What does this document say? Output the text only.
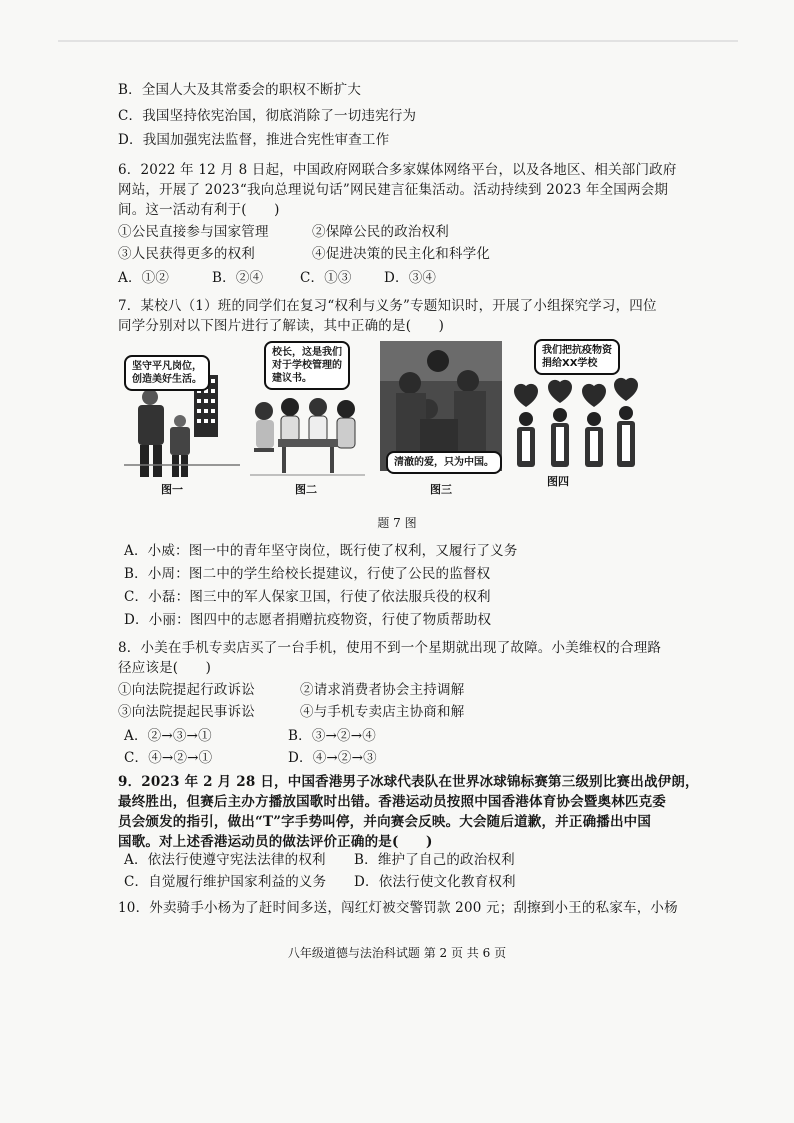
B．全国人大及其常委会的职权不断扩大
C．我国坚持依宪治国，彻底消除了一切违宪行为
D．我国加强宪法监督，推进合宪性审查工作
6．2022 年 12 月 8 日起，中国政府网联合多家媒体网络平台，以及各地区、相关部门政府
网站，开展了 2023“我向总理说句话”网民建言征集活动。活动持续到 2023 年全国两会期
间。这一活动有利于(　　)
①公民直接参与国家管理	②保障公民的政治权利
③人民获得更多的权利	④促进决策的民主化和科学化
A．①②	B．②④	C．①③ D．③④
7．某校八（1）班的同学们在复习“权利与义务”专题知识时，开展了小组探究学习，四位
同学分别对以下图片进行了解读，其中正确的是(　　)
坚守平凡岗位，
创造美好生活。
图一
校长，这是我们
对于学校管理的
建议书。
图二
清澈的爱，只为中国。
图三
我们把抗疫物资
捐给XX学校
图四
题 7 图
A．小威：图一中的青年坚守岗位，既行使了权利，又履行了义务
B．小周：图二中的学生给校长提建议，行使了公民的监督权
C．小磊：图三中的军人保家卫国，行使了依法服兵役的权利
D．小丽：图四中的志愿者捐赠抗疫物资，行使了物质帮助权
8．小美在手机专卖店买了一台手机，使用不到一个星期就出现了故障。小美维权的合理路
径应该是(　　)
①向法院提起行政诉讼	②请求消费者协会主持调解
③向法院提起民事诉讼	④与手机专卖店主协商和解
A．②→③→①	B．③→②→④
C．④→②→①	D．④→②→③
9．2023 年 2 月 28 日，中国香港男子冰球代表队在世界冰球锦标赛第三级别比赛出战伊朗，
最终胜出，但赛后主办方播放国歌时出错。香港运动员按照中国香港体育协会暨奥林匹克委
员会颁发的指引，做出“T”字手势叫停，并向赛会反映。大会随后道歉，并正确播出中国
国歌。对上述香港运动员的做法评价正确的是(　　)
A．依法行使遵守宪法法律的权利 B．维护了自己的政治权利
C．自觉履行维护国家利益的义务 D．依法行使文化教育权利
10．外卖骑手小杨为了赶时间多送，闯红灯被交警罚款 200 元；刮擦到小王的私家车，小杨
八年级道德与法治科试题 第 2 页 共 6 页
